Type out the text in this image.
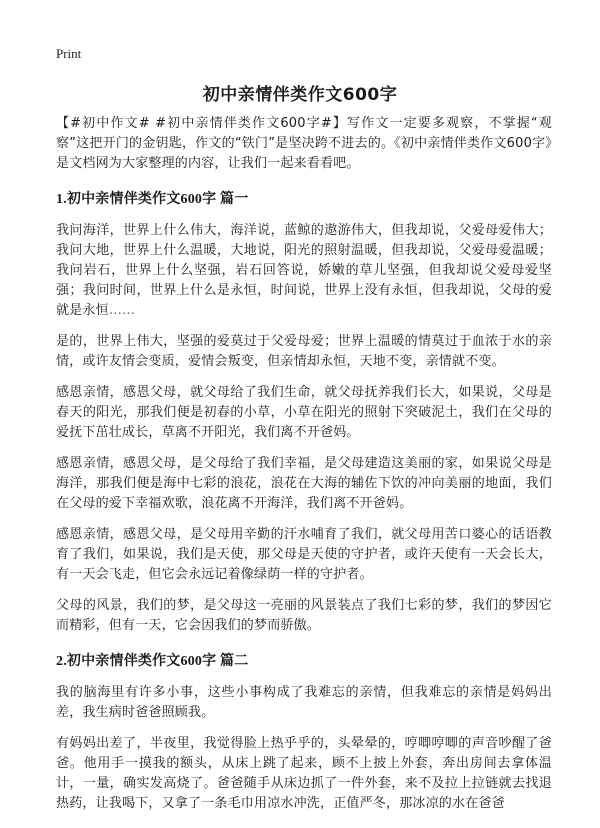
Print
初中亲情伴类作文600字

【#初中作文# #初中亲情伴类作文600字#】写作文一定要多观察，不掌握“观察”这把开门的金钥匙，作文的“铁门”是坚决跨不进去的。《初中亲情伴类作文600字》是文档网为大家整理的内容，让我们一起来看看吧。

1.初中亲情伴类作文600字 篇一

我问海洋，世界上什么伟大，海洋说，蓝鲸的遨游伟大，但我却说，父爱母爱伟大；我问大地，世界上什么温暖，大地说，阳光的照射温暖，但我却说，父爱母爱温暖；我问岩石，世界上什么坚强，岩石回答说，娇嫩的草儿坚强，但我却说父爱母爱坚强；我问时间，世界上什么是永恒，时间说，世界上没有永恒，但我却说，父母的爱就是永恒……

是的，世界上伟大，坚强的爱莫过于父爱母爱；世界上温暖的情莫过于血浓于水的亲情，或许友情会变质，爱情会叛变，但亲情却永恒，天地不变，亲情就不变。

感恩亲情，感恩父母，就父母给了我们生命，就父母抚养我们长大，如果说，父母是春天的阳光，那我们便是初春的小草，小草在阳光的照射下突破泥土，我们在父母的爱抚下茁壮成长，草离不开阳光，我们离不开爸妈。

感恩亲情，感恩父母，是父母给了我们幸福，是父母建造这美丽的家，如果说父母是海洋，那我们便是海中七彩的浪花，浪花在大海的辅佐下饮的冲向美丽的地面，我们在父母的爱下幸福欢歌，浪花离不开海洋，我们离不开爸妈。

感恩亲情，感恩父母，是父母用辛勤的汗水哺育了我们，就父母用苦口婆心的话语教育了我们，如果说，我们是天使，那父母是天使的守护者，或许天使有一天会长大，有一天会飞走，但它会永远记着像绿荫一样的守护者。

父母的风景，我们的梦，是父母这一亮丽的风景装点了我们七彩的梦，我们的梦因它而精彩，但有一天，它会因我们的梦而骄傲。

2.初中亲情伴类作文600字 篇二

我的脑海里有许多小事，这些小事构成了我难忘的亲情，但我难忘的亲情是妈妈出差，我生病时爸爸照顾我。

有妈妈出差了，半夜里，我觉得脸上热乎乎的，头晕晕的，哼唧哼唧的声音吵醒了爸爸。他用手一摸我的额头，从床上跳了起来，顾不上披上外套，奔出房间去拿体温计，一量，确实发高烧了。爸爸随手从床边抓了一件外套，来不及拉上拉链就去找退热药，让我喝下，又拿了一条毛巾用凉水冲洗，正值严冬，那冰凉的水在爸爸
